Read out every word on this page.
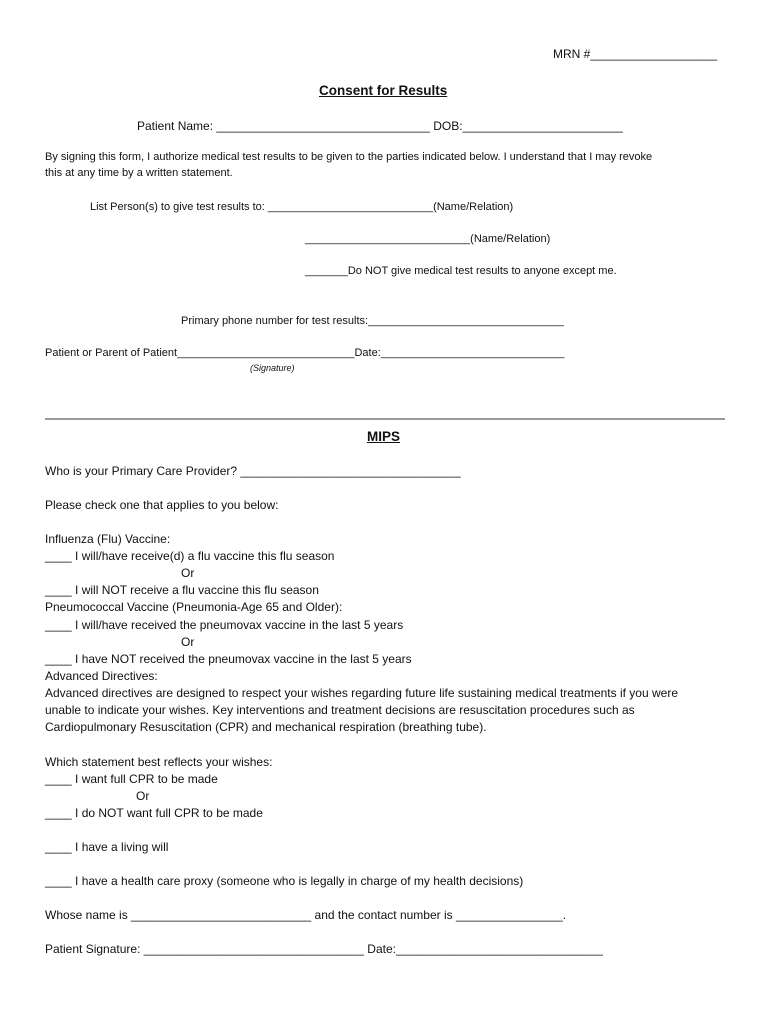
MRN #___________________
Consent for Results
Patient Name: ________________________________ DOB:________________________
By signing this form, I authorize medical test results to be given to the parties indicated below. I understand that I may revoke
this at any time by a written statement.
List Person(s) to give test results to: ___________________________(Name/Relation)
___________________________(Name/Relation)
_______Do NOT give medical test results to anyone except me.
Primary phone number for test results:________________________________
Patient or Parent of Patient_____________________________Date:______________________________
(Signature)
MIPS
Who is your Primary Care Provider? _________________________________
Please check one that applies to you below:
Influenza (Flu) Vaccine:
____ I will/have receive(d) a flu vaccine this flu season
Or
____ I will NOT receive a flu vaccine this flu season
Pneumococcal Vaccine (Pneumonia-Age 65 and Older):
____ I will/have received the pneumovax vaccine in the last 5 years
Or
____ I have NOT received the pneumovax vaccine in the last 5 years
Advanced Directives:
Advanced directives are designed to respect your wishes regarding future life sustaining medical treatments if you were
unable to indicate your wishes. Key interventions and treatment decisions are resuscitation procedures such as
Cardiopulmonary Resuscitation (CPR) and mechanical respiration (breathing tube).
Which statement best reflects your wishes:
____ I want full CPR to be made
Or
____ I do NOT want full CPR to be made
____ I have a living will
____ I have a health care proxy (someone who is legally in charge of my health decisions)
Whose name is ___________________________ and the contact number is ________________.
Patient Signature: _________________________________ Date:_______________________________
